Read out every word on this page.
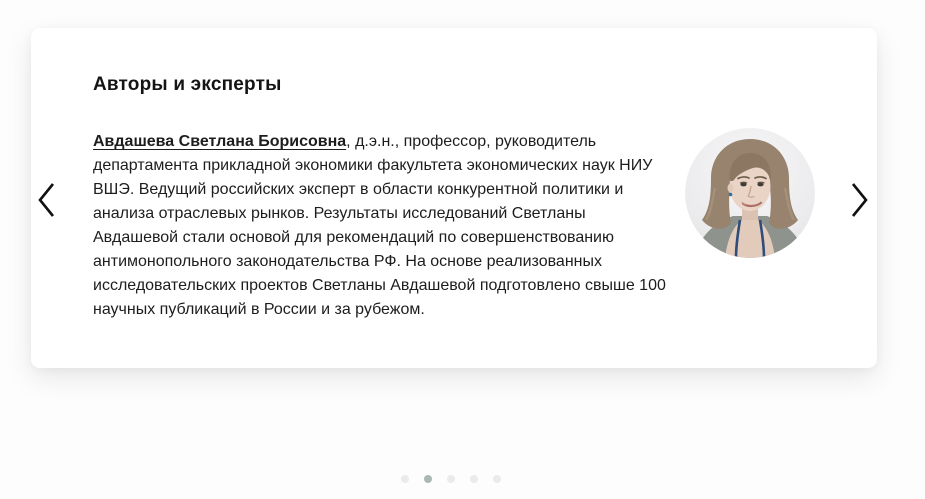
Авторы и эксперты

Авдашева Светлана Борисовна, д.э.н., профессор, руководитель департамента прикладной экономики факультета экономических наук НИУ ВШЭ. Ведущий российских эксперт в области конкурентной политики и анализа отраслевых рынков. Результаты исследований Светланы Авдашевой стали основой для рекомендаций по совершенствованию антимонопольного законодательства РФ. На основе реализованных исследовательских проектов Светланы Авдашевой подготовлено свыше 100 научных публикаций в России и за рубежом.
